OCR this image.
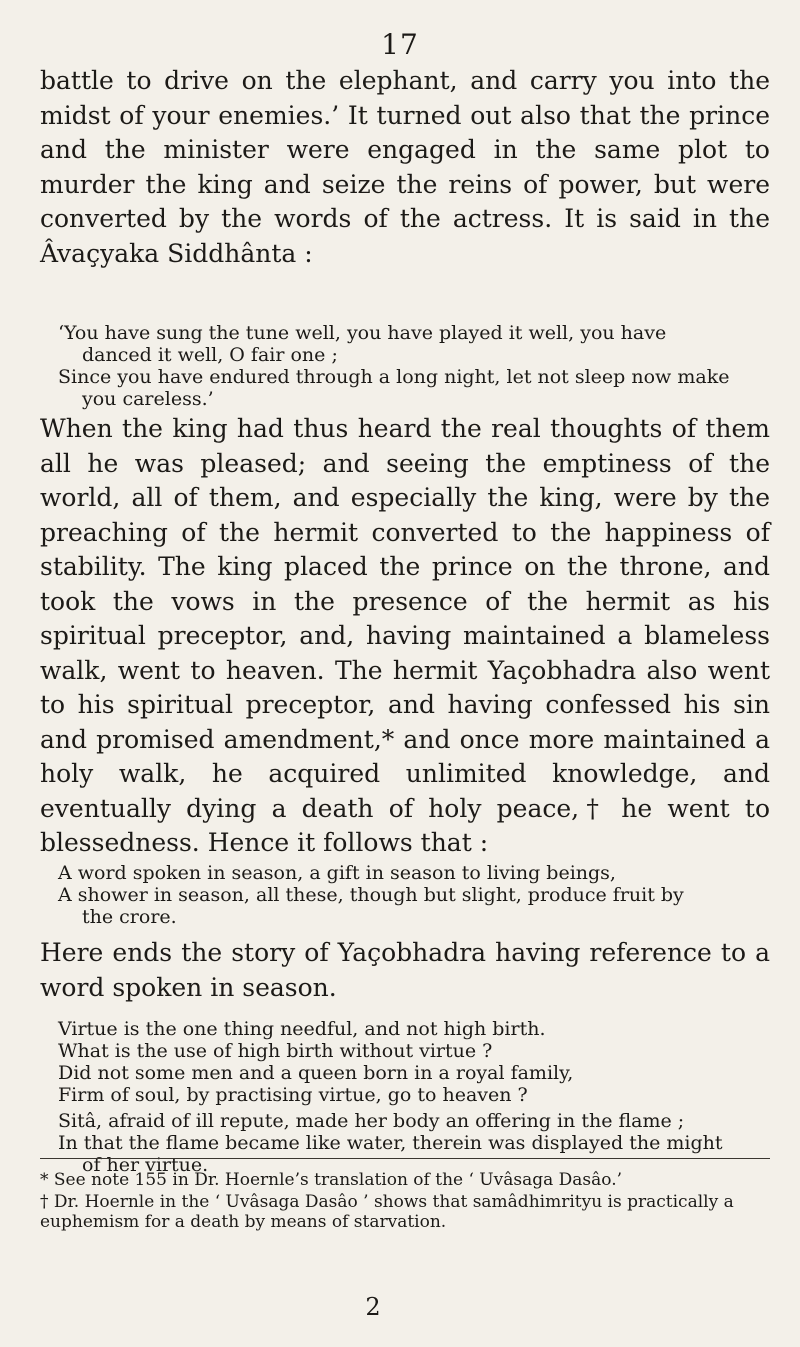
17

battle to drive on the elephant, and carry you into the midst of your enemies.’ It turned out also that the prince and the minister were engaged in the same plot to murder the king and seize the reins of power, but were converted by the words of the actress. It is said in the Âvaçyaka Siddhânta :

‘You have sung the tune well, you have played it well, you have
danced it well, O fair one ;
Since you have endured through a long night, let not sleep now make
you careless.’

When the king had thus heard the real thoughts of them all he was pleased; and seeing the emptiness of the world, all of them, and especially the king, were by the preaching of the hermit converted to the happiness of stability. The king placed the prince on the throne, and took the vows in the presence of the hermit as his spiritual preceptor, and, having maintained a blameless walk, went to heaven. The hermit Yaçobhadra also went to his spiritual preceptor, and having confessed his sin and promised amendment,* and once more maintained a holy walk, he acquired unlimited knowledge, and eventually dying a death of holy peace,† he went to blessedness. Hence it follows that :

A word spoken in season, a gift in season to living beings,
A shower in season, all these, though but slight, produce fruit by
the crore.

Here ends the story of Yaçobhadra having reference to a word spoken in season.

Virtue is the one thing needful, and not high birth.
What is the use of high birth without virtue ?
Did not some men and a queen born in a royal family,
Firm of soul, by practising virtue, go to heaven ?
Sitâ, afraid of ill repute, made her body an offering in the flame ;
In that the flame became like water, therein was displayed the might
of her virtue.

* See note 155 in Dr. Hoernle’s translation of the ‘ Uvâsaga Dasâo.’

† Dr. Hoernle in the ‘ Uvâsaga Dasâo ’ shows that samâdhimrityu is practically a euphemism for a death by means of starvation.

2
